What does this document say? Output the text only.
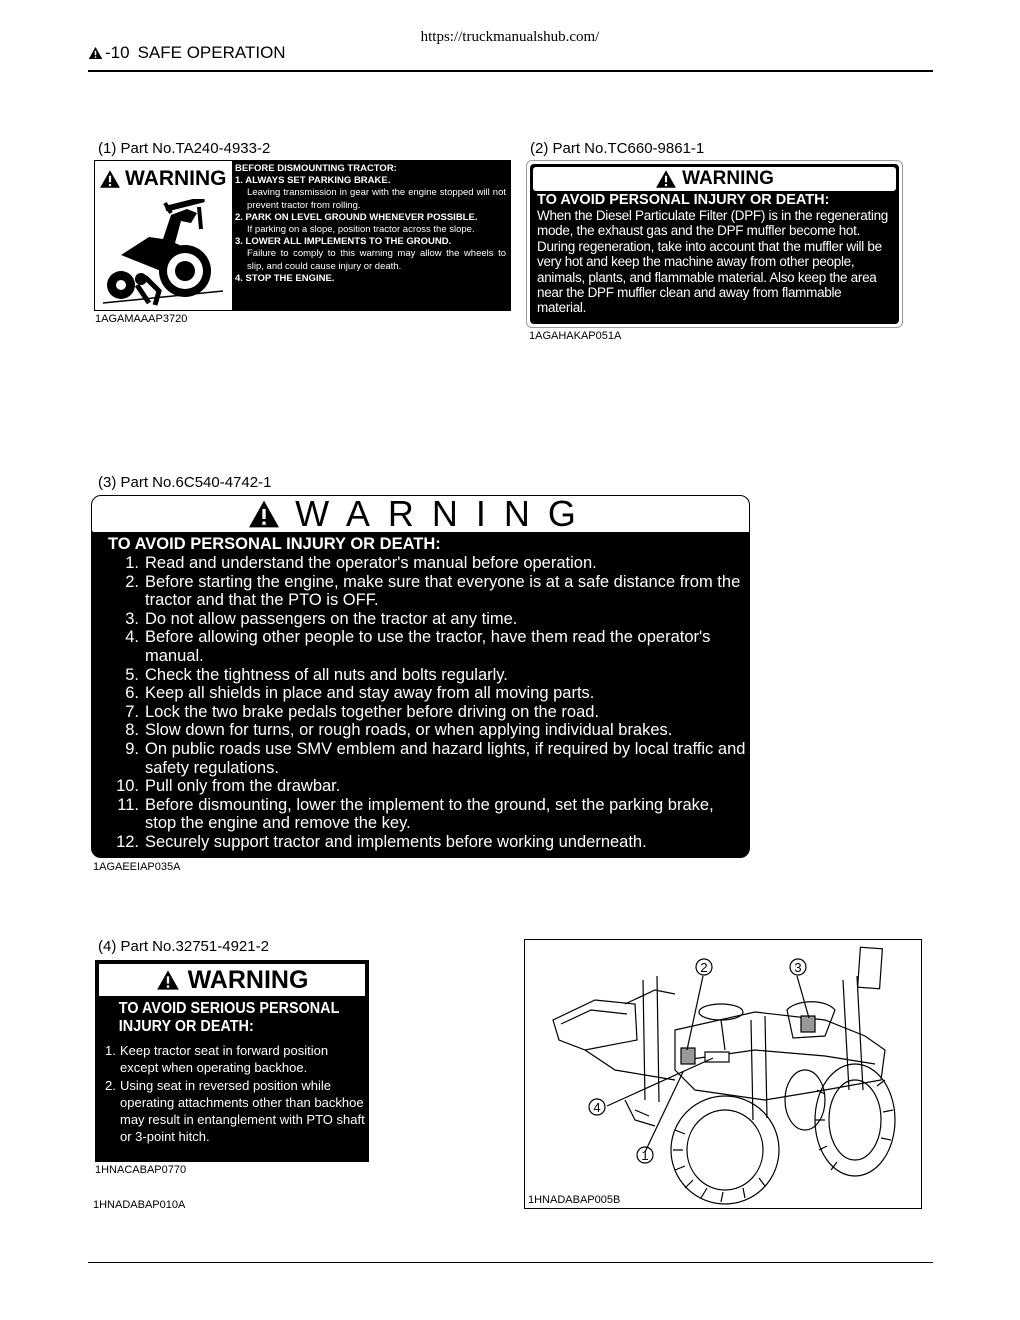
https://truckmanualshub.com/
-10 SAFE OPERATION
(1) Part No.TA240-4933-2
WARNING BEFORE DISMOUNTING TRACTOR:
1. ALWAYS SET PARKING BRAKE.
Leaving transmission in gear with the engine stopped will not prevent tractor from rolling.
2. PARK ON LEVEL GROUND WHENEVER POSSIBLE.
If parking on a slope, position tractor across the slope.
3. LOWER ALL IMPLEMENTS TO THE GROUND.
Failure to comply to this warning may allow the wheels to slip, and could cause injury or death.
4. STOP THE ENGINE.
1AGAMAAAP3720
(2) Part No.TC660-9861-1
WARNING
TO AVOID PERSONAL INJURY OR DEATH:
When the Diesel Particulate Filter (DPF) is in the regenerating mode, the exhaust gas and the DPF muffler become hot. During regeneration, take into account that the muffler will be very hot and keep the machine away from other people, animals, plants, and flammable material. Also keep the area near the DPF muffler clean and away from flammable material.
1AGAHAKAP051A
(3) Part No.6C540-4742-1
WARNING
TO AVOID PERSONAL INJURY OR DEATH:
1. Read and understand the operator's manual before operation.
2. Before starting the engine, make sure that everyone is at a safe distance from the tractor and that the PTO is OFF.
3. Do not allow passengers on the tractor at any time.
4. Before allowing other people to use the tractor, have them read the operator's manual.
5. Check the tightness of all nuts and bolts regularly.
6. Keep all shields in place and stay away from all moving parts.
7. Lock the two brake pedals together before driving on the road.
8. Slow down for turns, or rough roads, or when applying individual brakes.
9. On public roads use SMV emblem and hazard lights, if required by local traffic and safety regulations.
10. Pull only from the drawbar.
11. Before dismounting, lower the implement to the ground, set the parking brake, stop the engine and remove the key.
12. Securely support tractor and implements before working underneath.
1AGAEEIAP035A
(4) Part No.32751-4921-2
WARNING
TO AVOID SERIOUS PERSONAL INJURY OR DEATH:
1. Keep tractor seat in forward position except when operating backhoe.
2. Using seat in reversed position while operating attachments other than backhoe may result in entanglement with PTO shaft or 3-point hitch.
1HNACABAP0770
1HNADABAP010A
2	3
4
1
1HNADABAP005B
